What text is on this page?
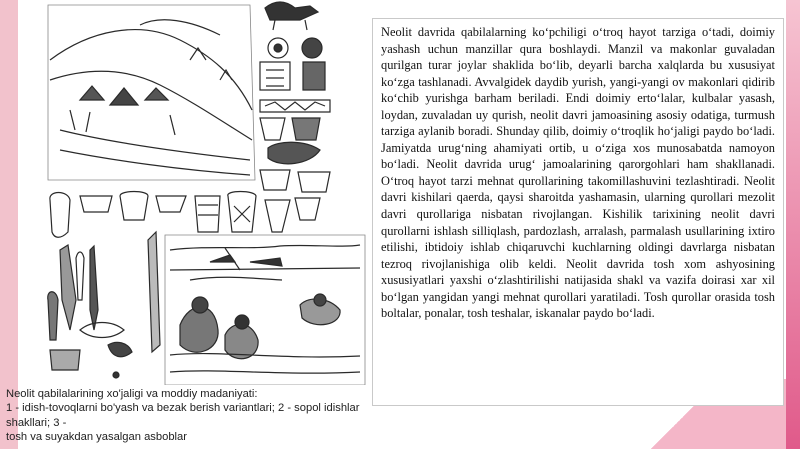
Neolit davrida qabilalarning ko‘pchiligi o‘troq hayot tarziga o‘tadi, doimiy yashash uchun manzillar qura boshlaydi. Manzil va makonlar guvaladan qurilgan turar joylar shaklida bo‘lib, deyarli barcha xalqlarda bu xususiyat ko‘zga tashlanadi. Avvalgidek daydib yurish, yangi-yangi ov makonlari qidirib ko‘chib yurishga barham beriladi. Endi doimiy erto‘lalar, kulbalar yasash, loydan, zuvaladan uy qurish, neolit davri jamoasining asosiy odatiga, turmush tarziga aylanib boradi. Shunday qilib, doimiy o‘troqlik ho‘jaligi paydo bo‘ladi. Jamiyatda urug‘ning ahamiyati ortib, u o‘ziga xos munosabatda namoyon bo‘ladi. Neolit davrida urug‘ jamoalarining qarorgohlari ham shakllanadi. O‘troq hayot tarzi mehnat qurollarining takomillashuvini tezlashtiradi. Neolit davri kishilari qaerda, qaysi sharoitda yashamasin, ularning qurollari mezolit davri qurollariga nisbatan rivojlangan. Kishilik tarixining neolit davri qurollarni ishlash silliqlash, pardozlash, arralash, parmalash usullarining ixtiro etilishi, ibtidoiy ishlab chiqaruvchi kuchlarning oldingi davrlarga nisbatan tezroq rivojlanishiga olib keldi. Neolit davrida tosh xom ashyosining xususiyatlari yaxshi o‘zlashtirilishi natijasida shakl va vazifa doirasi xar xil bo‘lgan yangidan yangi mehnat qurollari yaratiladi. Tosh qurollar orasida tosh boltalar, ponalar, tosh teshalar, iskanalar paydo bo‘ladi.

Neolit qabilalarining xo'jaligi va moddiy madaniyati:
1 - idish-tovoqlarni bo'yash va bezak berish variantlari; 2 - sopol idishlar
shakllari; 3 -
tosh va suyakdan yasalgan asboblar
